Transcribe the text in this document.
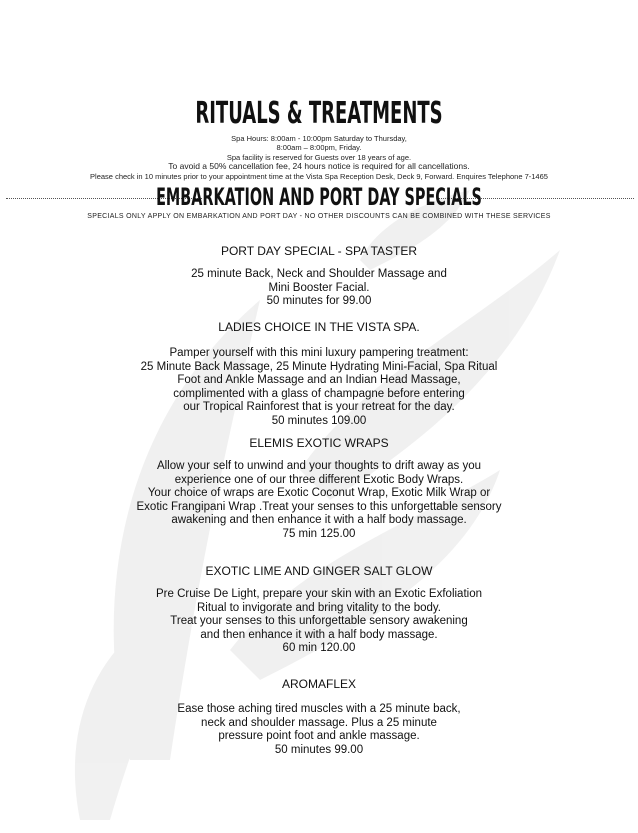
RITUALS & TREATMENTS
Spa Hours: 8:00am - 10:00pm Saturday to Thursday,
8:00am – 8:00pm, Friday.
Spa facility is reserved for Guests over 18 years of age.
To avoid a 50% cancellation fee, 24 hours notice is required for all cancellations.
Please check in 10 minutes prior to your appointment time at the Vista Spa Reception Desk, Deck 9, Forward. Enquires Telephone 7-1465
EMBARKATION AND PORT DAY SPECIALS
SPECIALS ONLY APPLY ON EMBARKATION AND PORT DAY - NO OTHER DISCOUNTS CAN BE COMBINED WITH THESE SERVICES
PORT DAY SPECIAL - SPA TASTER
25 minute Back, Neck and Shoulder Massage and
Mini Booster Facial.
50 minutes for 99.00
LADIES CHOICE IN THE VISTA SPA.
Pamper yourself with this mini luxury pampering treatment:
25 Minute Back Massage, 25 Minute Hydrating Mini-Facial, Spa Ritual
Foot and Ankle Massage and an Indian Head Massage,
complimented with a glass of champagne before entering
our Tropical Rainforest that is your retreat for the day.
50 minutes 109.00
ELEMIS EXOTIC WRAPS
Allow your self to unwind and your thoughts to drift away as you
experience one of our three different Exotic Body Wraps.
Your choice of wraps are Exotic Coconut Wrap, Exotic Milk Wrap or
Exotic Frangipani Wrap .Treat your senses to this unforgettable sensory
awakening and then enhance it with a half body massage.
75 min 125.00
EXOTIC LIME AND GINGER SALT GLOW
Pre Cruise De Light, prepare your skin with an Exotic Exfoliation
Ritual to invigorate and bring vitality to the body.
Treat your senses to this unforgettable sensory awakening
and then enhance it with a half body massage.
60 min 120.00
AROMAFLEX
Ease those aching tired muscles with a 25 minute back,
neck and shoulder massage. Plus a 25 minute
pressure point foot and ankle massage.
50 minutes 99.00
